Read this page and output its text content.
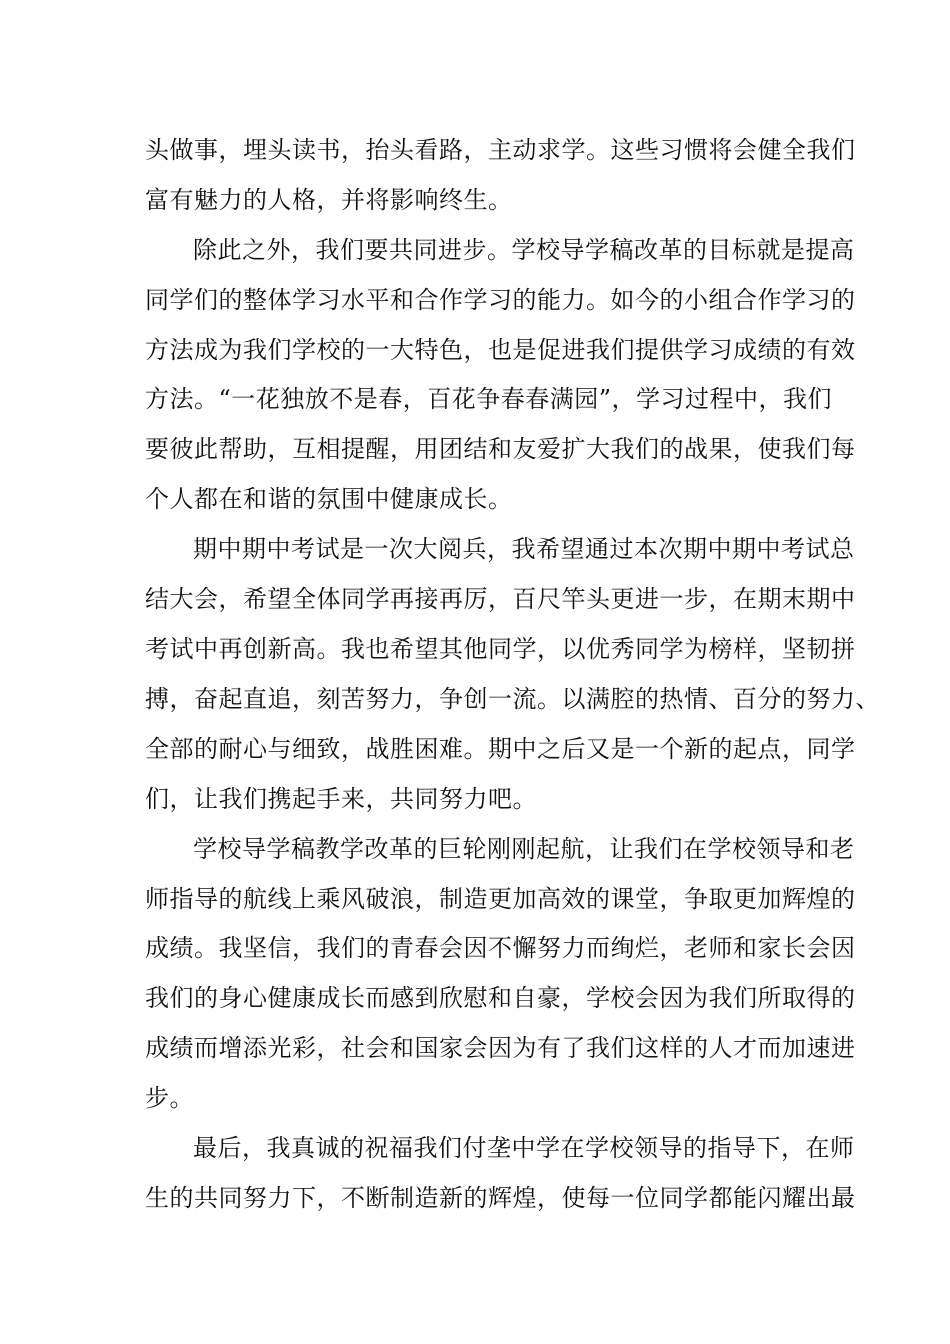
头做事，埋头读书，抬头看路，主动求学。这些习惯将会健全我们
富有魅力的人格，并将影响终生。
除此之外，我们要共同进步。学校导学稿改革的目标就是提高
同学们的整体学习水平和合作学习的能力。如今的小组合作学习的
方法成为我们学校的一大特色，也是促进我们提供学习成绩的有效
方法。“一花独放不是春，百花争春春满园”，学习过程中，我们
要彼此帮助，互相提醒，用团结和友爱扩大我们的战果，使我们每
个人都在和谐的氛围中健康成长。
期中期中考试是一次大阅兵，我希望通过本次期中期中考试总
结大会，希望全体同学再接再厉，百尺竿头更进一步，在期末期中
考试中再创新高。我也希望其他同学，以优秀同学为榜样，坚韧拼
搏，奋起直追，刻苦努力，争创一流。以满腔的热情、百分的努力、
全部的耐心与细致，战胜困难。期中之后又是一个新的起点，同学
们，让我们携起手来，共同努力吧。
学校导学稿教学改革的巨轮刚刚起航，让我们在学校领导和老
师指导的航线上乘风破浪，制造更加高效的课堂，争取更加辉煌的
成绩。我坚信，我们的青春会因不懈努力而绚烂，老师和家长会因
我们的身心健康成长而感到欣慰和自豪，学校会因为我们所取得的
成绩而增添光彩，社会和国家会因为有了我们这样的人才而加速进
步。
最后，我真诚的祝福我们付垄中学在学校领导的指导下，在师
生的共同努力下，不断制造新的辉煌，使每一位同学都能闪耀出最
